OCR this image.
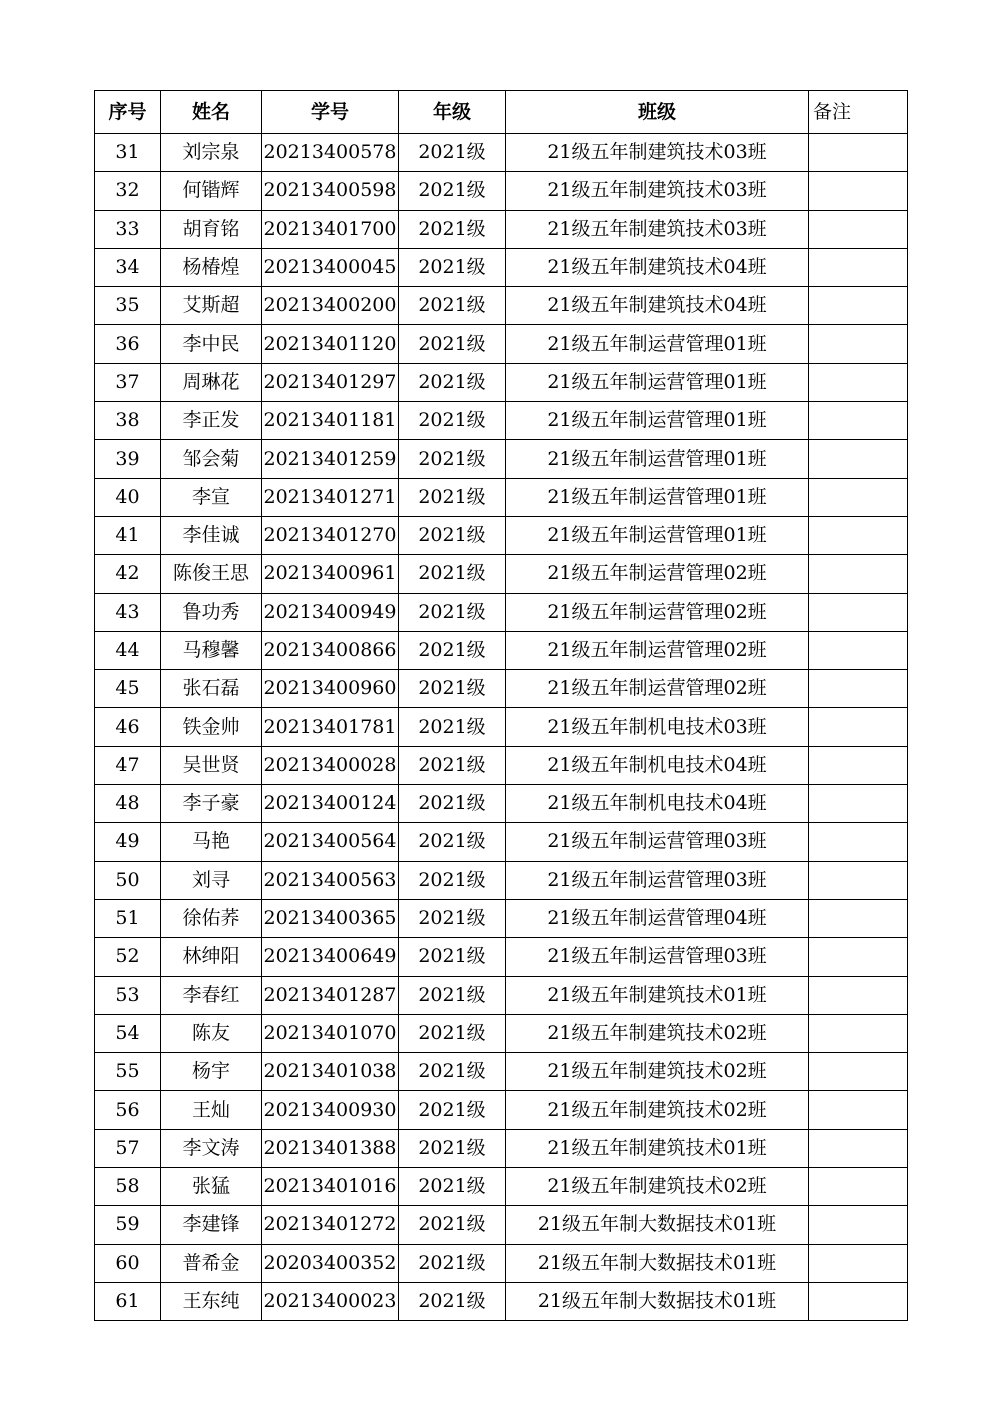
序号	姓名	学号	年级	班级	备注
31	刘宗泉	20213400578	2021级	21级五年制建筑技术03班	
32	何锴辉	20213400598	2021级	21级五年制建筑技术03班	
33	胡育铭	20213401700	2021级	21级五年制建筑技术03班	
34	杨椿煌	20213400045	2021级	21级五年制建筑技术04班	
35	艾斯超	20213400200	2021级	21级五年制建筑技术04班	
36	李中民	20213401120	2021级	21级五年制运营管理01班	
37	周琳花	20213401297	2021级	21级五年制运营管理01班	
38	李正发	20213401181	2021级	21级五年制运营管理01班	
39	邹会菊	20213401259	2021级	21级五年制运营管理01班	
40	李宣	20213401271	2021级	21级五年制运营管理01班	
41	李佳诚	20213401270	2021级	21级五年制运营管理01班	
42	陈俊王思	20213400961	2021级	21级五年制运营管理02班	
43	鲁功秀	20213400949	2021级	21级五年制运营管理02班	
44	马穆馨	20213400866	2021级	21级五年制运营管理02班	
45	张石磊	20213400960	2021级	21级五年制运营管理02班	
46	铁金帅	20213401781	2021级	21级五年制机电技术03班	
47	吴世贤	20213400028	2021级	21级五年制机电技术04班	
48	李子豪	20213400124	2021级	21级五年制机电技术04班	
49	马艳	20213400564	2021级	21级五年制运营管理03班	
50	刘寻	20213400563	2021级	21级五年制运营管理03班	
51	徐佑荞	20213400365	2021级	21级五年制运营管理04班	
52	林绅阳	20213400649	2021级	21级五年制运营管理03班	
53	李春红	20213401287	2021级	21级五年制建筑技术01班	
54	陈友	20213401070	2021级	21级五年制建筑技术02班	
55	杨宇	20213401038	2021级	21级五年制建筑技术02班	
56	王灿	20213400930	2021级	21级五年制建筑技术02班	
57	李文涛	20213401388	2021级	21级五年制建筑技术01班	
58	张猛	20213401016	2021级	21级五年制建筑技术02班	
59	李建锋	20213401272	2021级	21级五年制大数据技术01班	
60	普希金	20203400352	2021级	21级五年制大数据技术01班	
61	王东纯	20213400023	2021级	21级五年制大数据技术01班	
